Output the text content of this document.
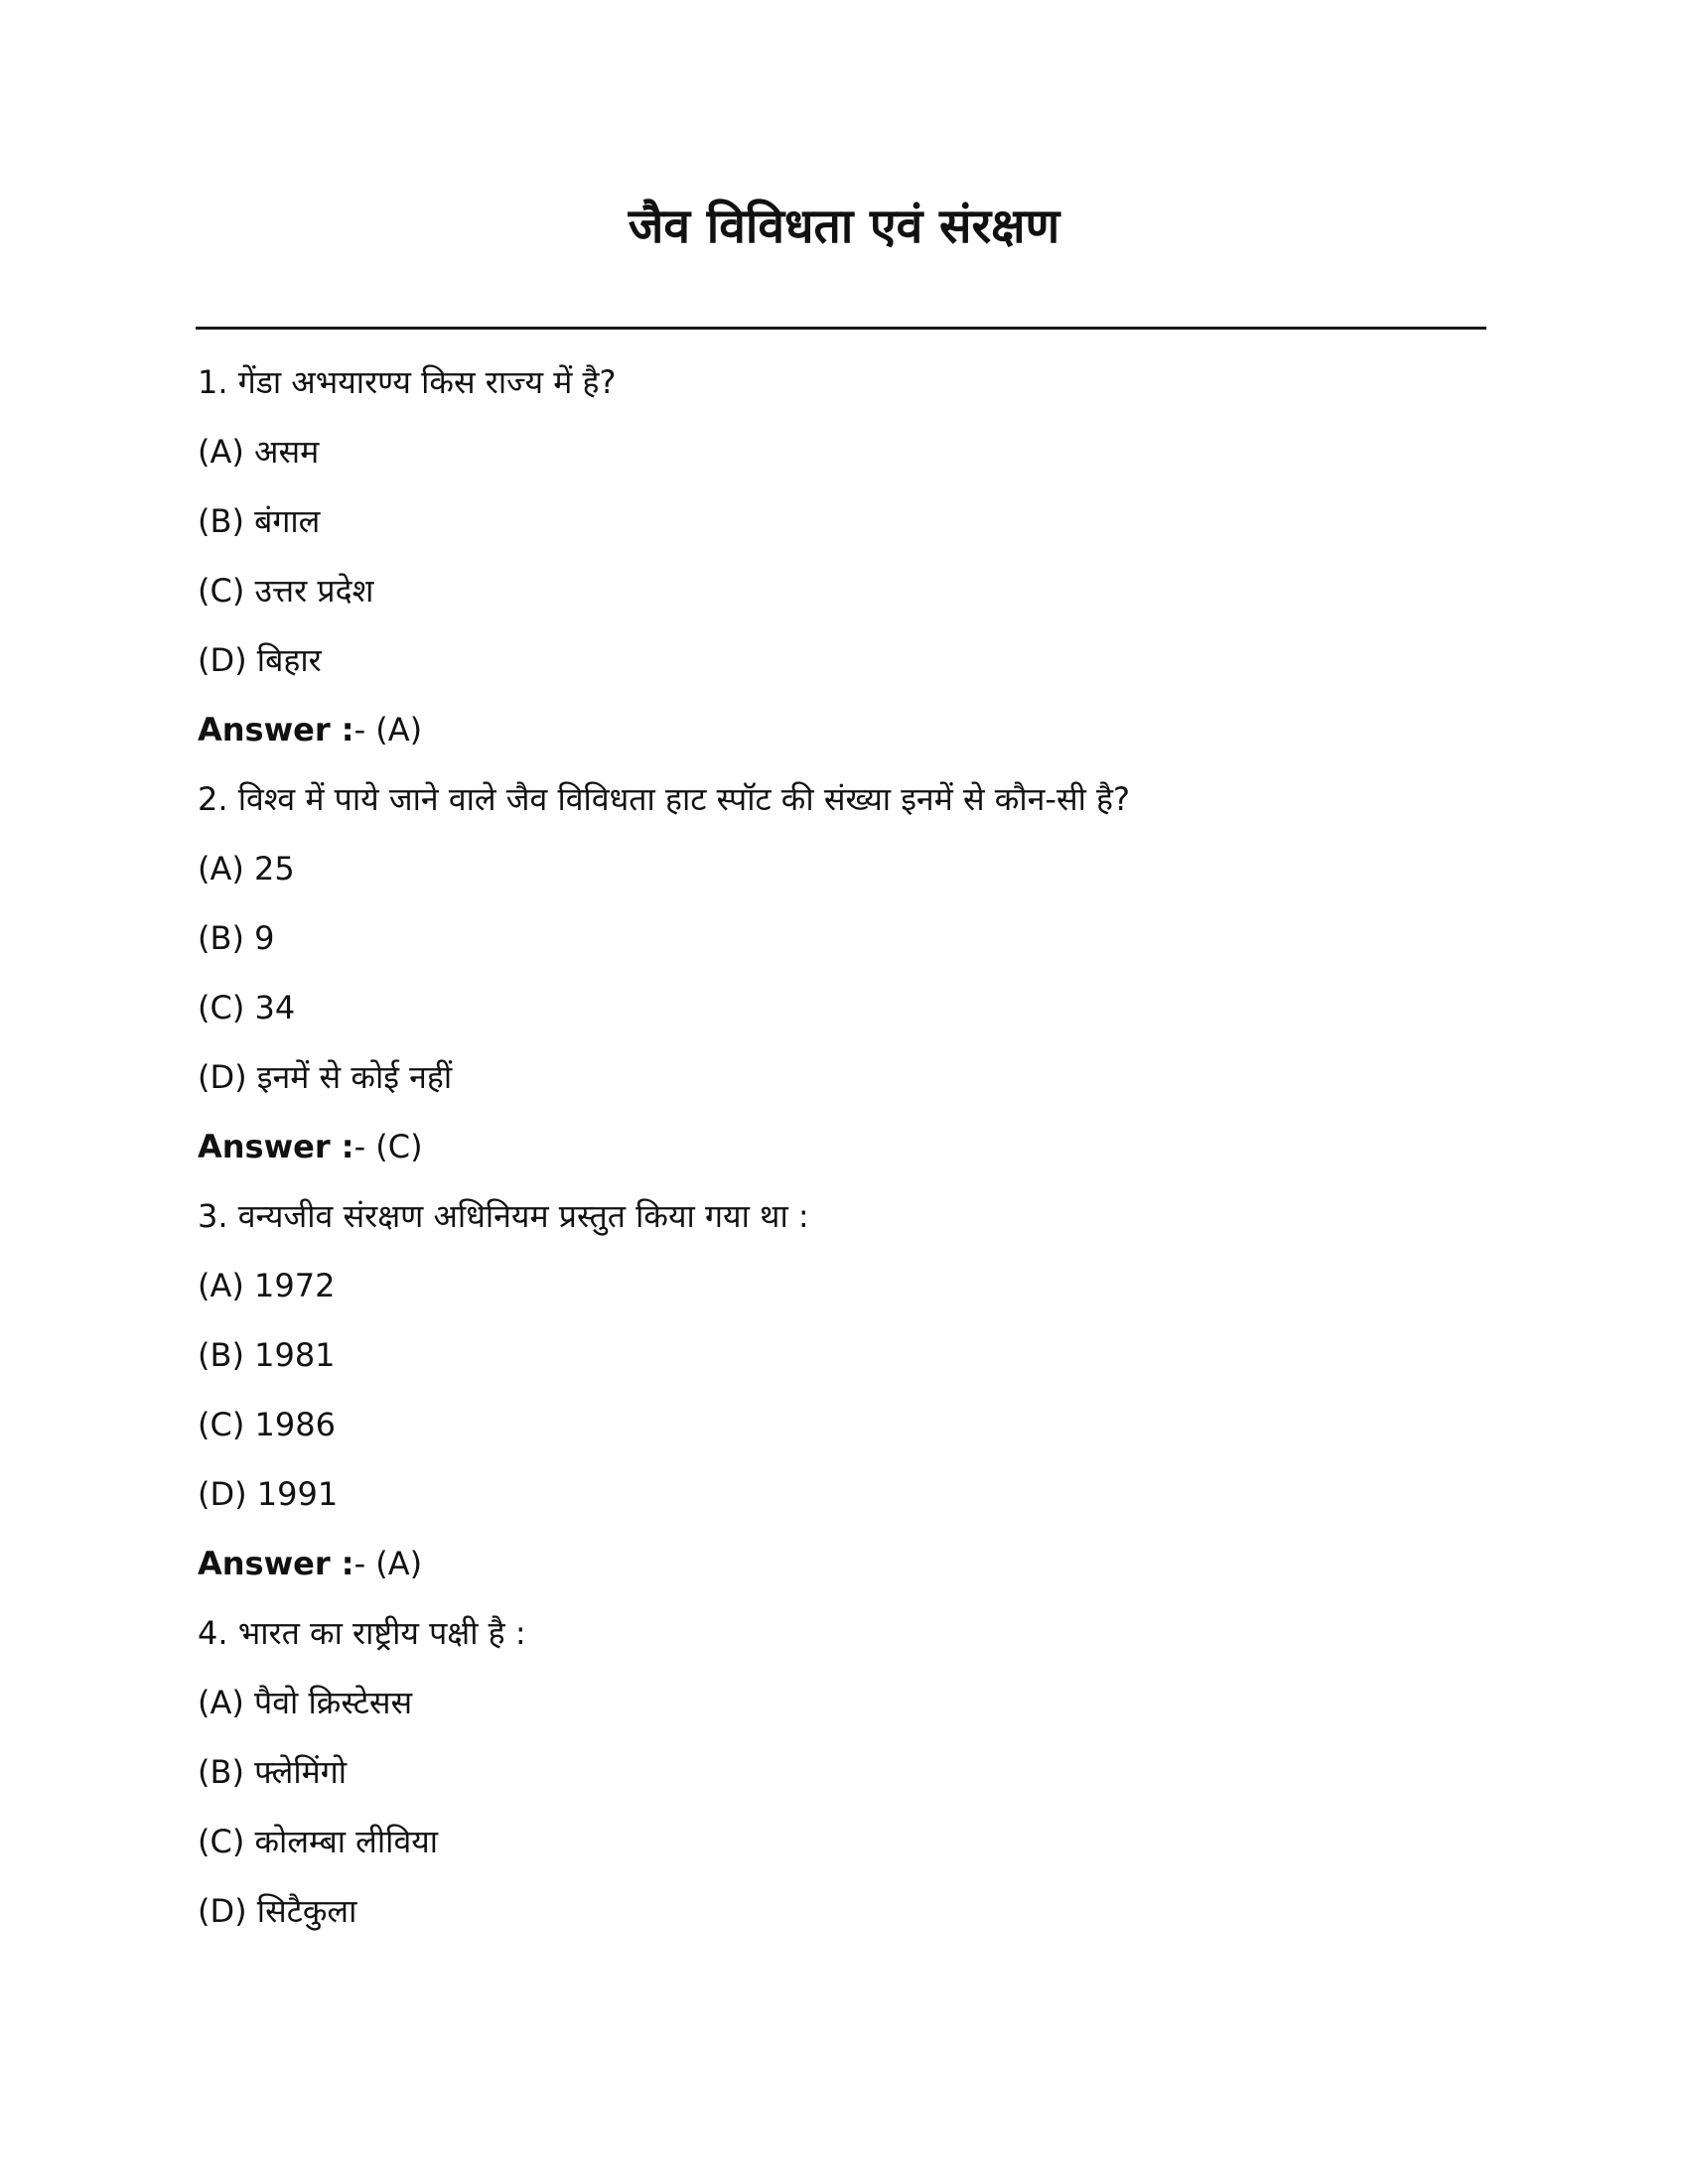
जैव विविधता एवं संरक्षण
1. गेंडा अभयारण्य किस राज्य में है?
(A) असम
(B) बंगाल
(C) उत्तर प्रदेश
(D) बिहार
Answer :- (A)
2. विश्व में पाये जाने वाले जैव विविधता हाट स्पॉट की संख्या इनमें से कौन-सी है?
(A) 25
(B) 9
(C) 34
(D) इनमें से कोई नहीं
Answer :- (C)
3. वन्यजीव संरक्षण अधिनियम प्रस्तुत किया गया था :
(A) 1972
(B) 1981
(C) 1986
(D) 1991
Answer :- (A)
4. भारत का राष्ट्रीय पक्षी है :
(A) पैवो क्रिस्टेसस
(B) फ्लेमिंगो
(C) कोलम्बा लीविया
(D) सिटैकुला
